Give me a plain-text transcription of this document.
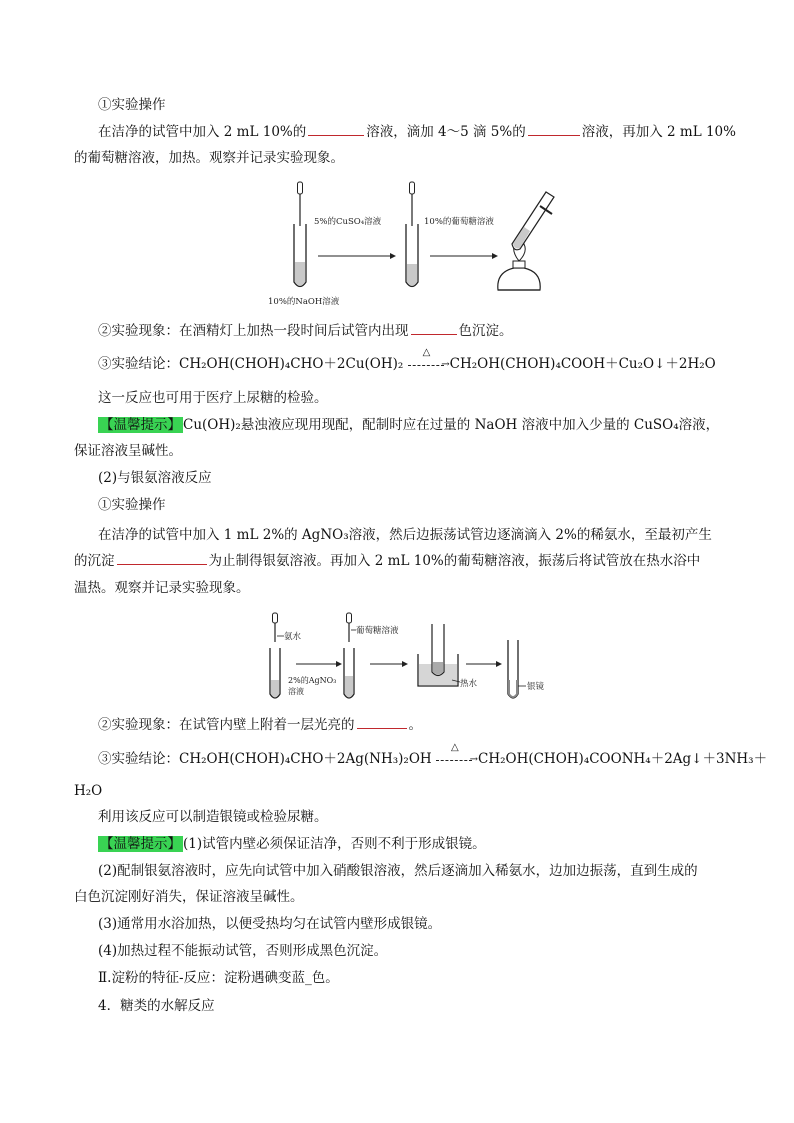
①实验操作
在洁净的试管中加入 2 mL 10%的	溶液，滴加 4～5 滴 5%的	溶液，再加入 2 mL 10%
的葡萄糖溶液，加热。观察并记录实验现象。
5%的CuSO₄溶液
10%的NaOH溶液
10%的葡萄糖溶液
②实验现象：在酒精灯上加热一段时间后试管内出现	色沉淀。
③实验结论：CH₂OH(CHOH)₄CHO＋2Cu(OH)₂
△
→ CH₂OH(CHOH)₄COOH＋Cu₂O↓＋2H₂O
这一反应也可用于医疗上尿糖的检验。
【温馨提示】 Cu(OH)₂悬浊液应现用现配，配制时应在过量的 NaOH 溶液中加入少量的 CuSO₄溶液，
保证溶液呈碱性。
(2)与银氨溶液反应
①实验操作
在洁净的试管中加入 1 mL 2%的 AgNO₃溶液，然后边振荡试管边逐滴滴入 2%的稀氨水，至最初产生
的沉淀	为止制得银氨溶液。再加入 2 mL 10%的葡萄糖溶液，振荡后将试管放在热水浴中
温热。观察并记录实验现象。
氨水
2%的AgNO₃
溶液
葡萄糖溶液
热水	银镜
②实验现象：在试管内壁上附着一层光亮的	。
③实验结论：CH₂OH(CHOH)₄CHO＋2Ag(NH₃)₂OH
△
→ CH₂OH(CHOH)₄COONH₄＋2Ag↓＋3NH₃＋
H₂O
利用该反应可以制造银镜或检验尿糖。
【温馨提示】 (1)试管内壁必须保证洁净，否则不利于形成银镜。
(2)配制银氨溶液时，应先向试管中加入硝酸银溶液，然后逐滴加入稀氨水，边加边振荡，直到生成的
白色沉淀刚好消失，保证溶液呈碱性。
(3)通常用水浴加热，以便受热均匀在试管内壁形成银镜。
(4)加热过程不能振动试管，否则形成黑色沉淀。
Ⅱ.淀粉的特征-反应：淀粉遇碘变蓝_色。
4．糖类的水解反应
